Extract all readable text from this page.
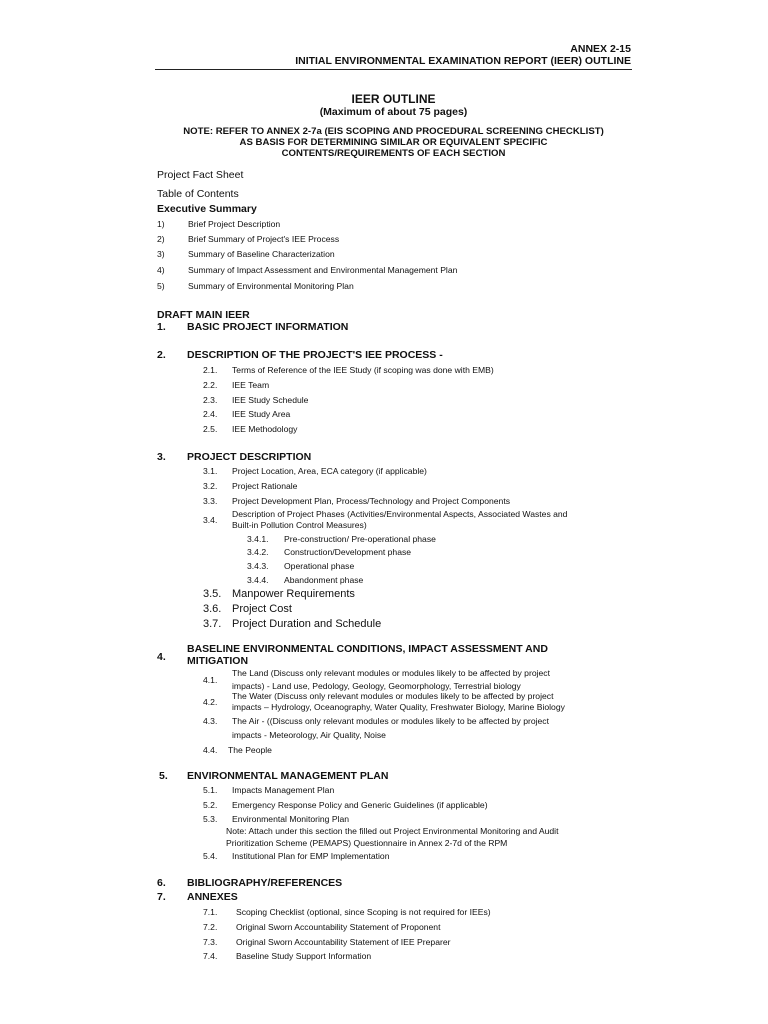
ANNEX 2-15
INITIAL ENVIRONMENTAL EXAMINATION REPORT (IEER) OUTLINE
IEER OUTLINE
(Maximum of about 75 pages)
NOTE: REFER TO ANNEX 2-7a (EIS SCOPING AND PROCEDURAL SCREENING CHECKLIST)
AS BASIS FOR DETERMINING SIMILAR OR EQUIVALENT SPECIFIC
CONTENTS/REQUIREMENTS OF EACH SECTION
Project Fact Sheet
Table of Contents
Executive Summary
1)	Brief Project Description
2)	Brief Summary of Project's IEE Process
3)	Summary of Baseline Characterization
4)	Summary of Impact Assessment and Environmental Management Plan
5)	Summary of Environmental Monitoring Plan
DRAFT MAIN IEER
1. BASIC PROJECT INFORMATION
2. DESCRIPTION OF THE PROJECT'S IEE PROCESS -
2.1. Terms of Reference of the IEE Study (if scoping was done with EMB)
2.2. IEE Team
2.3. IEE Study Schedule
2.4. IEE Study Area
2.5. IEE Methodology
3. PROJECT DESCRIPTION
3.1. Project Location, Area, ECA category (if applicable)
3.2. Project Rationale
3.3. Project Development Plan, Process/Technology and Project Components
3.4.
Description of Project Phases (Activities/Environmental Aspects, Associated Wastes and
Built-in Pollution Control Measures)
3.4.1. Pre-construction/ Pre-operational phase
3.4.2. Construction/Development phase
3.4.3. Operational phase
3.4.4. Abandonment phase
3.5. Manpower Requirements
3.6. Project Cost
3.7. Project Duration and Schedule
4.
BASELINE ENVIRONMENTAL CONDITIONS, IMPACT ASSESSMENT AND
MITIGATION
4.1.
The Land (Discuss only relevant modules or modules likely to be affected by project
impacts) - Land use, Pedology, Geology, Geomorphology, Terrestrial biology
4.2.
The Water (Discuss only relevant modules or modules likely to be affected by project
impacts – Hydrology, Oceanography, Water Quality, Freshwater Biology, Marine Biology
4.3. The Air - ((Discuss only relevant modules or modules likely to be affected by project
impacts - Meteorology, Air Quality, Noise
4.4. The People
5. ENVIRONMENTAL MANAGEMENT PLAN
5.1. Impacts Management Plan
5.2. Emergency Response Policy and Generic Guidelines (if applicable)
5.3. Environmental Monitoring Plan
Note: Attach under this section the filled out Project Environmental Monitoring and Audit
Prioritization Scheme (PEMAPS) Questionnaire in Annex 2-7d of the RPM
5.4. Institutional Plan for EMP Implementation
6. BIBLIOGRAPHY/REFERENCES
7. ANNEXES
7.1. Scoping Checklist (optional, since Scoping is not required for IEEs)
7.2. Original Sworn Accountability Statement of Proponent
7.3. Original Sworn Accountability Statement of IEE Preparer
7.4. Baseline Study Support Information
